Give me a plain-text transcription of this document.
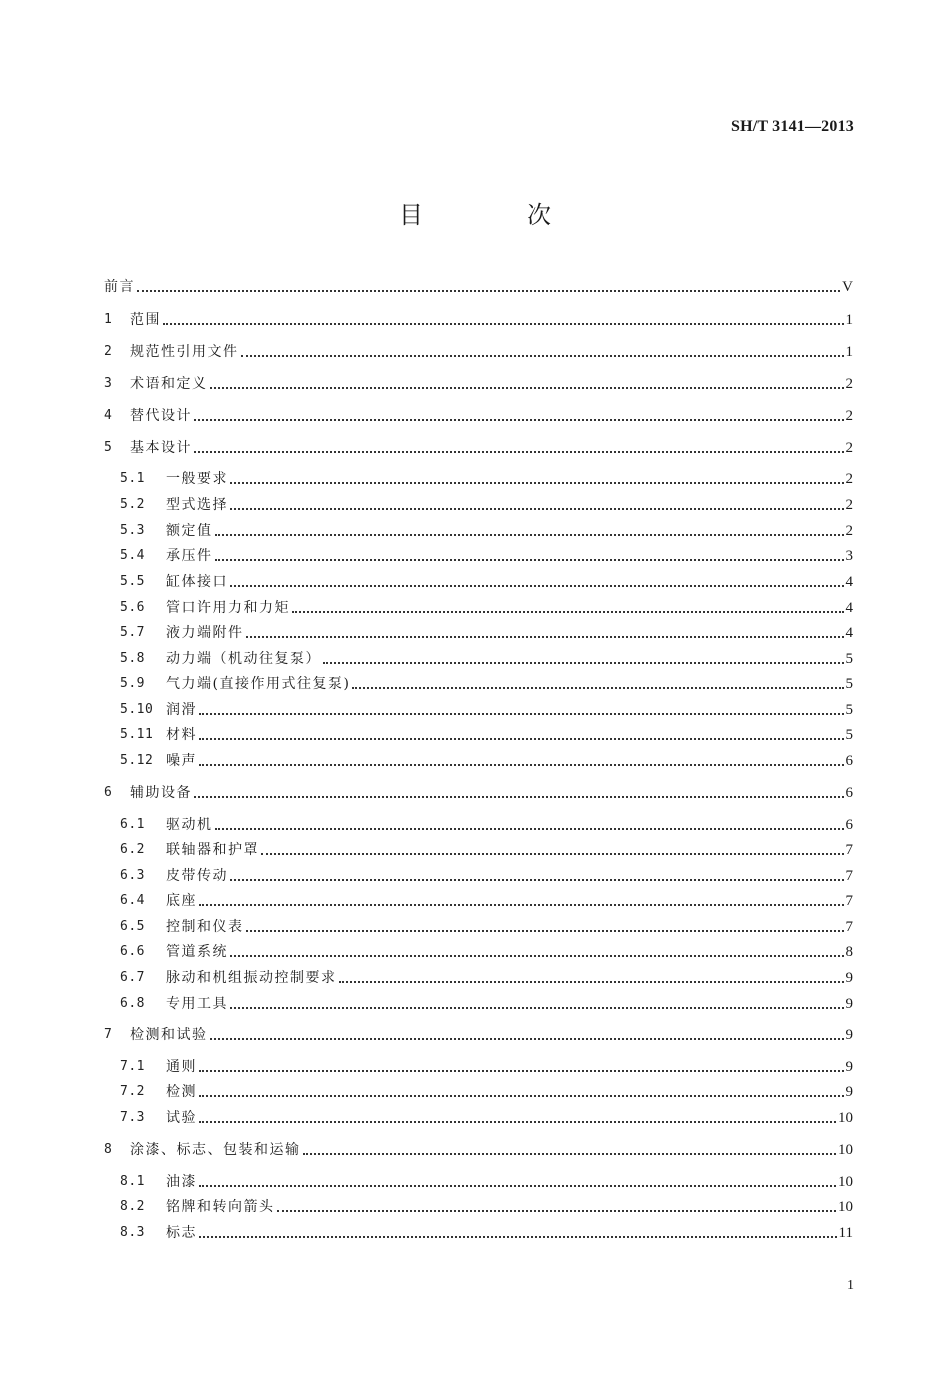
SH/T 3141—2013
目　次
前言	V
1	范围	1
2	规范性引用文件	1
3	术语和定义	2
4	替代设计	2
5	基本设计	2
5.1	一般要求	2
5.2	型式选择	2
5.3	额定值	2
5.4	承压件	3
5.5	缸体接口	4
5.6	管口许用力和力矩	4
5.7	液力端附件	4
5.8	动力端（机动往复泵）	5
5.9	气力端(直接作用式往复泵)	5
5.10 润滑	5
5.11 材料	5
5.12 噪声	6
6	辅助设备	6
6.1	驱动机	6
6.2	联轴器和护罩	7
6.3	皮带传动	7
6.4	底座	7
6.5	控制和仪表	7
6.6	管道系统	8
6.7	脉动和机组振动控制要求	9
6.8	专用工具	9
7	检测和试验	9
7.1	通则	9
7.2	检测	9
7.3	试验	10
8	涂漆、标志、包装和运输	10
8.1	油漆	10
8.2	铭牌和转向箭头	10
8.3	标志	11
1
